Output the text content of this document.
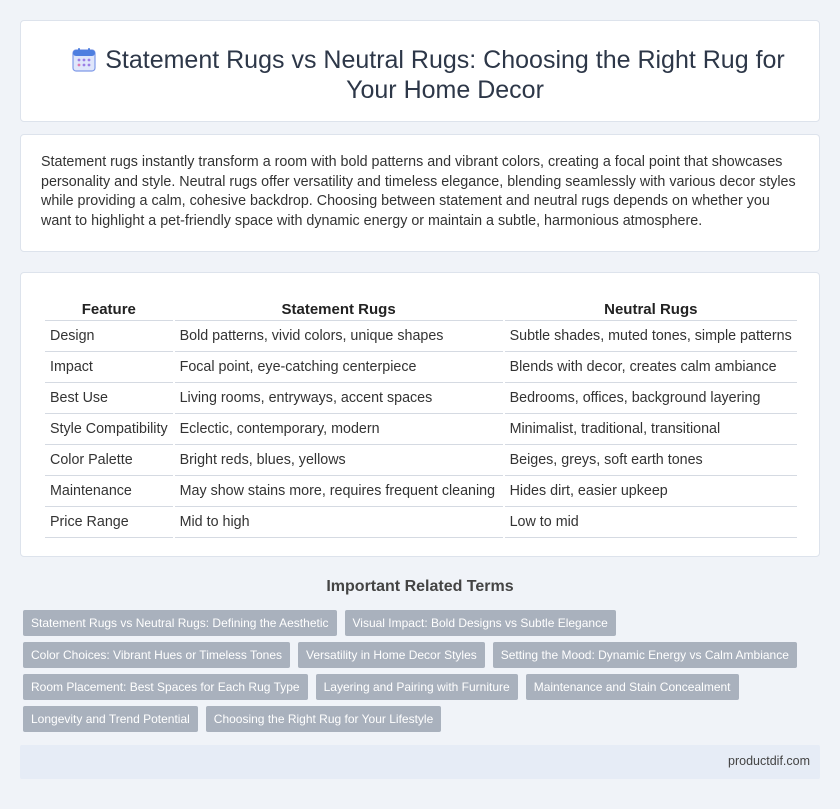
Statement Rugs vs Neutral Rugs: Choosing the Right Rug for Your Home Decor

Statement rugs instantly transform a room with bold patterns and vibrant colors, creating a focal point that showcases personality and style. Neutral rugs offer versatility and timeless elegance, blending seamlessly with various decor styles while providing a calm, cohesive backdrop. Choosing between statement and neutral rugs depends on whether you want to highlight a pet-friendly space with dynamic energy or maintain a subtle, harmonious atmosphere.

Feature	Statement Rugs	Neutral Rugs
Design	Bold patterns, vivid colors, unique shapes	Subtle shades, muted tones, simple patterns
Impact	Focal point, eye-catching centerpiece	Blends with decor, creates calm ambiance
Best Use	Living rooms, entryways, accent spaces	Bedrooms, offices, background layering
Style Compatibility	Eclectic, contemporary, modern	Minimalist, traditional, transitional
Color Palette	Bright reds, blues, yellows	Beiges, greys, soft earth tones
Maintenance	May show stains more, requires frequent cleaning	Hides dirt, easier upkeep
Price Range	Mid to high	Low to mid
Important Related Terms
Statement Rugs vs Neutral Rugs: Defining the Aesthetic	Visual Impact: Bold Designs vs Subtle Elegance
Color Choices: Vibrant Hues or Timeless Tones	Versatility in Home Decor Styles	Setting the Mood: Dynamic Energy vs Calm Ambiance
Room Placement: Best Spaces for Each Rug Type	Layering and Pairing with Furniture	Maintenance and Stain Concealment
Longevity and Trend Potential	Choosing the Right Rug for Your Lifestyle
productdif.com
